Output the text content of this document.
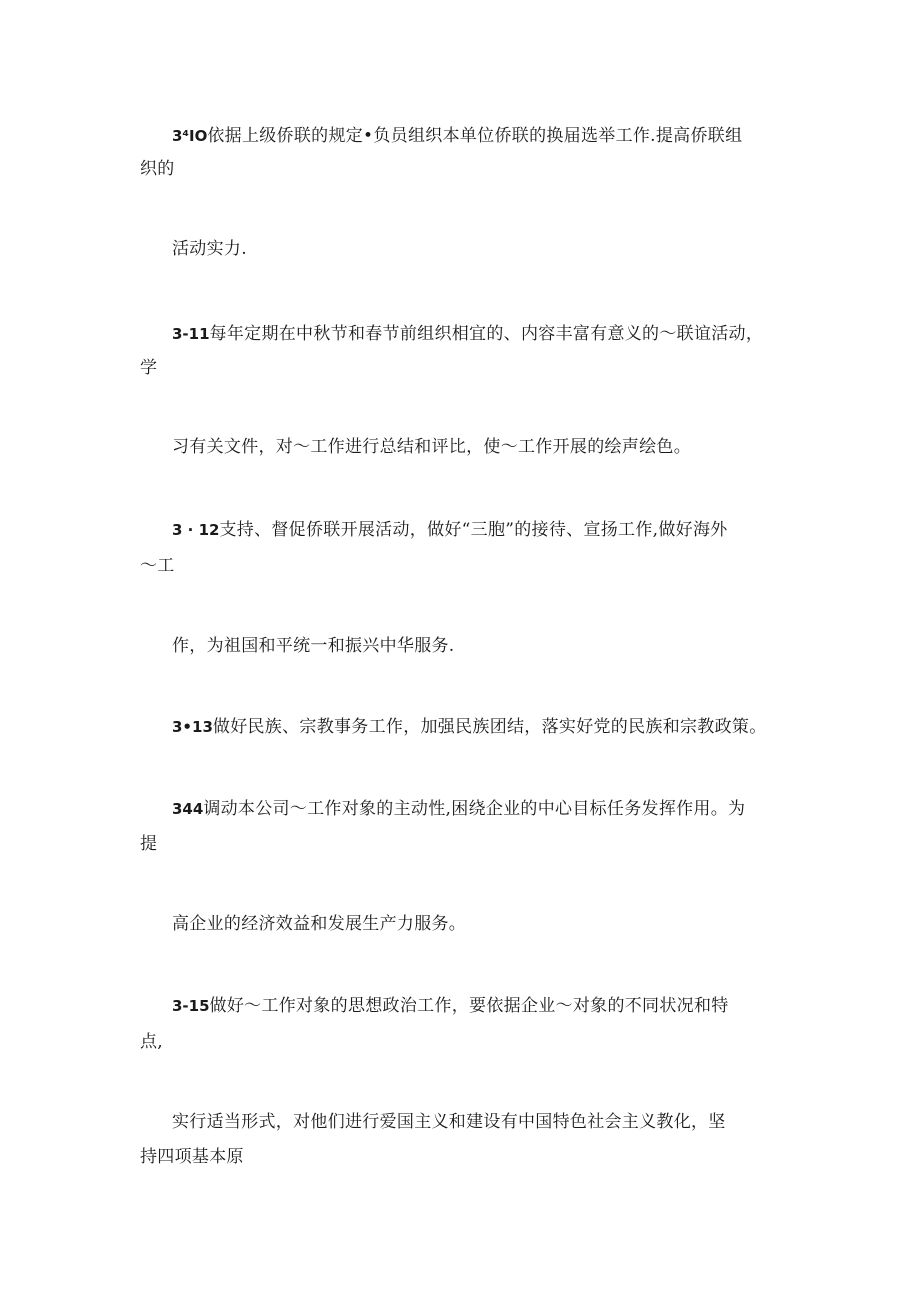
3⁴IO依据上级侨联的规定•负员组织本单位侨联的换届选举工作.提高侨联组
织的
活动实力.
3-11每年定期在中秋节和春节前组织相宜的、内容丰富有意义的～联谊活动，
学
习有关文件，对～工作进行总结和评比，使～工作开展的绘声绘色。
3 · 12支持、督促侨联开展活动，做好“三胞”的接待、宣扬工作,做好海外
～工
作，为祖国和平统一和振兴中华服务.
3•13做好民族、宗教事务工作，加强民族团结，落实好党的民族和宗教政策。
344调动本公司～工作对象的主动性,困绕企业的中心目标任务发挥作用。为
提
高企业的经济效益和发展生产力服务。
3-15做好～工作对象的思想政治工作，要依据企业～对象的不同状况和特
点,
实行适当形式，对他们进行爱国主义和建设有中国特色社会主义教化，坚
持四项基本原
